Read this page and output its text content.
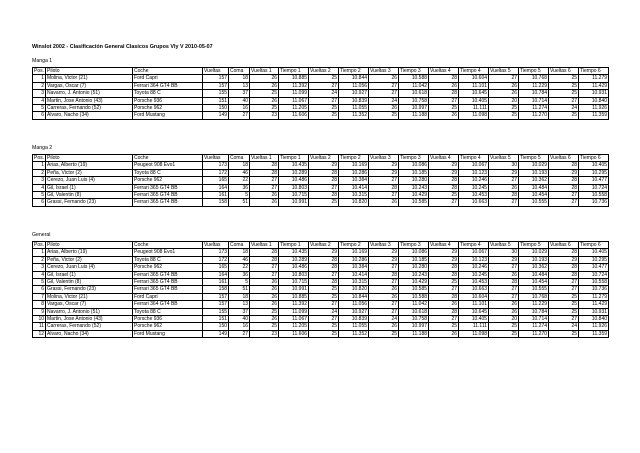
Winslot 2002 - Clasificación General Clasicos Grupos Vly V 2010-05-07
Manga 1
Pos.	Piloto	Coche	Vueltas	Coma	Vueltas 1	Tiempo 1	Vueltas 2	Tiempo 2	Vueltas 3	Tiempo 3	Vueltas 4	Tiempo 4	Vueltas 5	Tiempo 5	Vueltas 6	Tiempo 6
1	Molina, Victor (21)	Ford Capri	157	18	26	10.885	25	10.844	26	10.588	28	10.604	27	10.768	25	11.279
2	Vargas, Oscar (7)	Ferrari 364 GT4 BB	157	13	26	11.392	27	11.056	27	11.042	26	11.101	26	11.229	25	11.429
3	Navarro, J. Antonio (51)	Toyota 88 C	155	37	25	11.099	24	10.927	27	10.618	28	10.645	26	10.784	25	10.931
4	Martin, Jose Antonio (43)	Porsche 936	151	40	26	11.067	27	10.839	24	10.758	27	10.405	20	10.714	27	10.840
5	Carreras, Fernando (52)	Porsche 962	150	16	25	11.205	25	11.055	26	10.997	25	11.111	25	11.274	24	11.926
6	Alvaro, Nacho (34)	Ford Mustang	149	27	23	11.606	25	11.352	25	11.188	26	11.098	25	11.270	25	11.359
Manga 2
Pos.	Piloto	Coche	Vueltas	Coma	Vueltas 1	Tiempo 1	Vueltas 2	Tiempo 2	Vueltas 3	Tiempo 3	Vueltas 4	Tiempo 4	Vueltas 5	Tiempo 5	Vueltas 6	Tiempo 6
1	Arias, Alberto (19)	Peugeot 908 Evo1	173	18	28	10.435	29	10.169	29	10.086	29	10.067	30	10.029	28	10.405
2	Peña, Victor (2)	Toyota 88 C	172	46	28	10.289	28	10.286	29	10.185	29	10.123	29	10.193	29	10.295
3	Cerezo, Juan Luis (4)	Porsche 962	165	22	27	10.486	28	10.384	27	10.280	28	10.246	27	10.362	28	10.477
4	Gil, Israel (1)	Ferrari 365 GT4 BB	164	36	27	10.803	27	10.414	28	10.243	28	10.245	26	10.484	28	10.724
5	Gil, Valentin (8)	Ferrari 365 GT4 BB	161	5	26	10.715	28	10.315	27	10.429	25	10.453	28	10.454	27	10.558
6	Grassi, Fernando (23)	Ferrari 365 GT4 BB	158	51	26	10.991	25	10.820	26	10.585	27	10.663	27	10.555	27	10.736
General
Pos.	Piloto	Coche	Vueltas	Coma	Vueltas 1	Tiempo 1	Vueltas 2	Tiempo 2	Vueltas 3	Tiempo 3	Vueltas 4	Tiempo 4	Vueltas 5	Tiempo 5	Vueltas 6	Tiempo 6
1	Arias, Alberto (19)	Peugeot 908 Evo1	173	18	28	10.435	29	10.169	29	10.086	29	10.067	30	10.029	28	10.405
2	Peña, Victor (2)	Toyota 88 C	172	46	28	10.289	28	10.286	29	10.185	29	10.123	29	10.193	29	10.295
3	Cerezo, Juan Luis (4)	Porsche 962	165	22	27	10.486	28	10.384	27	10.280	28	10.246	27	10.362	28	10.477
4	Gil, Israel (1)	Ferrari 365 GT4 BB	164	36	27	10.803	27	10.414	28	10.243	28	10.245	26	10.484	28	10.724
5	Gil, Valentin (8)	Ferrari 365 GT4 BB	161	5	26	10.715	28	10.315	27	10.429	25	10.453	28	10.454	27	10.558
6	Grassi, Fernando (23)	Ferrari 365 GT4 BB	158	51	26	10.991	25	10.820	26	10.585	27	10.663	27	10.555	27	10.736
7	Molina, Victor (21)	Ford Capri	157	18	26	10.885	25	10.844	26	10.588	28	10.604	27	10.768	25	11.279
8	Vargas, Oscar (7)	Ferrari 364 GT4 BB	157	13	26	11.392	27	11.056	27	11.042	26	11.101	26	11.229	25	11.429
9	Navarro, J. Antonio (51)	Toyota 88 C	155	37	25	11.099	24	10.927	27	10.618	28	10.645	26	10.784	25	10.931
10	Martin, Jose Antonio (43)	Porsche 936	151	40	26	11.067	27	10.839	24	10.758	27	10.405	20	10.714	27	10.840
11	Carreras, Fernando (52)	Porsche 962	150	16	25	11.205	25	11.055	26	10.997	25	11.111	25	11.274	24	11.926
12	Alvaro, Nacho (34)	Ford Mustang	149	27	23	11.606	25	11.352	25	11.188	26	11.098	25	11.270	25	11.359
